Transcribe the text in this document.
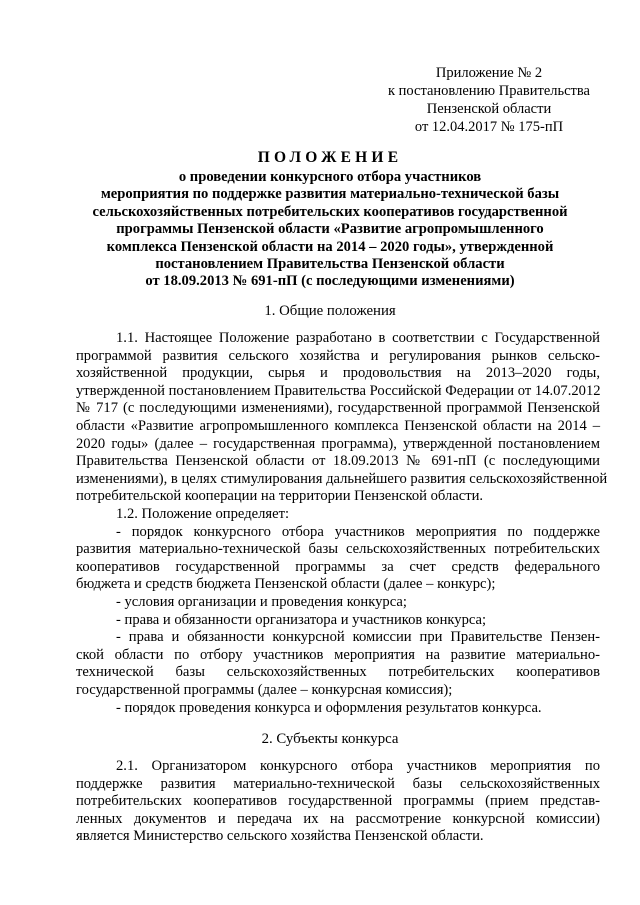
Приложение № 2
к постановлению Правительства
Пензенской области
от 12.04.2017 № 175-пП
ПОЛОЖЕНИЕ
о проведении конкурсного отбора участников
мероприятия по поддержке развития материально-технической базы
сельскохозяйственных потребительских кооперативов государственной
программы Пензенской области «Развитие агропромышленного
комплекса Пензенской области на 2014 – 2020 годы», утвержденной
постановлением Правительства Пензенской области
от 18.09.2013 № 691-пП (с последующими изменениями)
1. Общие положения
1.1. Настоящее Положение разработано в соответствии с Государственной
программой развития сельского хозяйства и регулирования рынков сельско-
хозяйственной продукции, сырья и продовольствия на 2013–2020 годы,
утвержденной постановлением Правительства Российской Федерации от 14.07.2012
№ 717 (с последующими изменениями), государственной программой Пензенской
области «Развитие агропромышленного комплекса Пензенской области на 2014 –
2020 годы» (далее – государственная программа), утвержденной постановлением
Правительства Пензенской области от 18.09.2013 № 691-пП (с последующими
изменениями), в целях стимулирования дальнейшего развития сельскохозяйственной
потребительской кооперации на территории Пензенской области.
1.2. Положение определяет:
- порядок конкурсного отбора участников мероприятия по поддержке
развития материально-технической базы сельскохозяйственных потребительских
кооперативов государственной программы за счет средств федерального
бюджета и средств бюджета Пензенской области (далее – конкурс);
- условия организации и проведения конкурса;
- права и обязанности организатора и участников конкурса;
- права и обязанности конкурсной комиссии при Правительстве Пензен-
ской области по отбору участников мероприятия на развитие материально-
технической базы сельскохозяйственных потребительских кооперативов
государственной программы (далее – конкурсная комиссия);
- порядок проведения конкурса и оформления результатов конкурса.
2. Субъекты конкурса
2.1. Организатором конкурсного отбора участников мероприятия по
поддержке развития материально-технической базы сельскохозяйственных
потребительских кооперативов государственной программы (прием представ-
ленных документов и передача их на рассмотрение конкурсной комиссии)
является Министерство сельского хозяйства Пензенской области.
